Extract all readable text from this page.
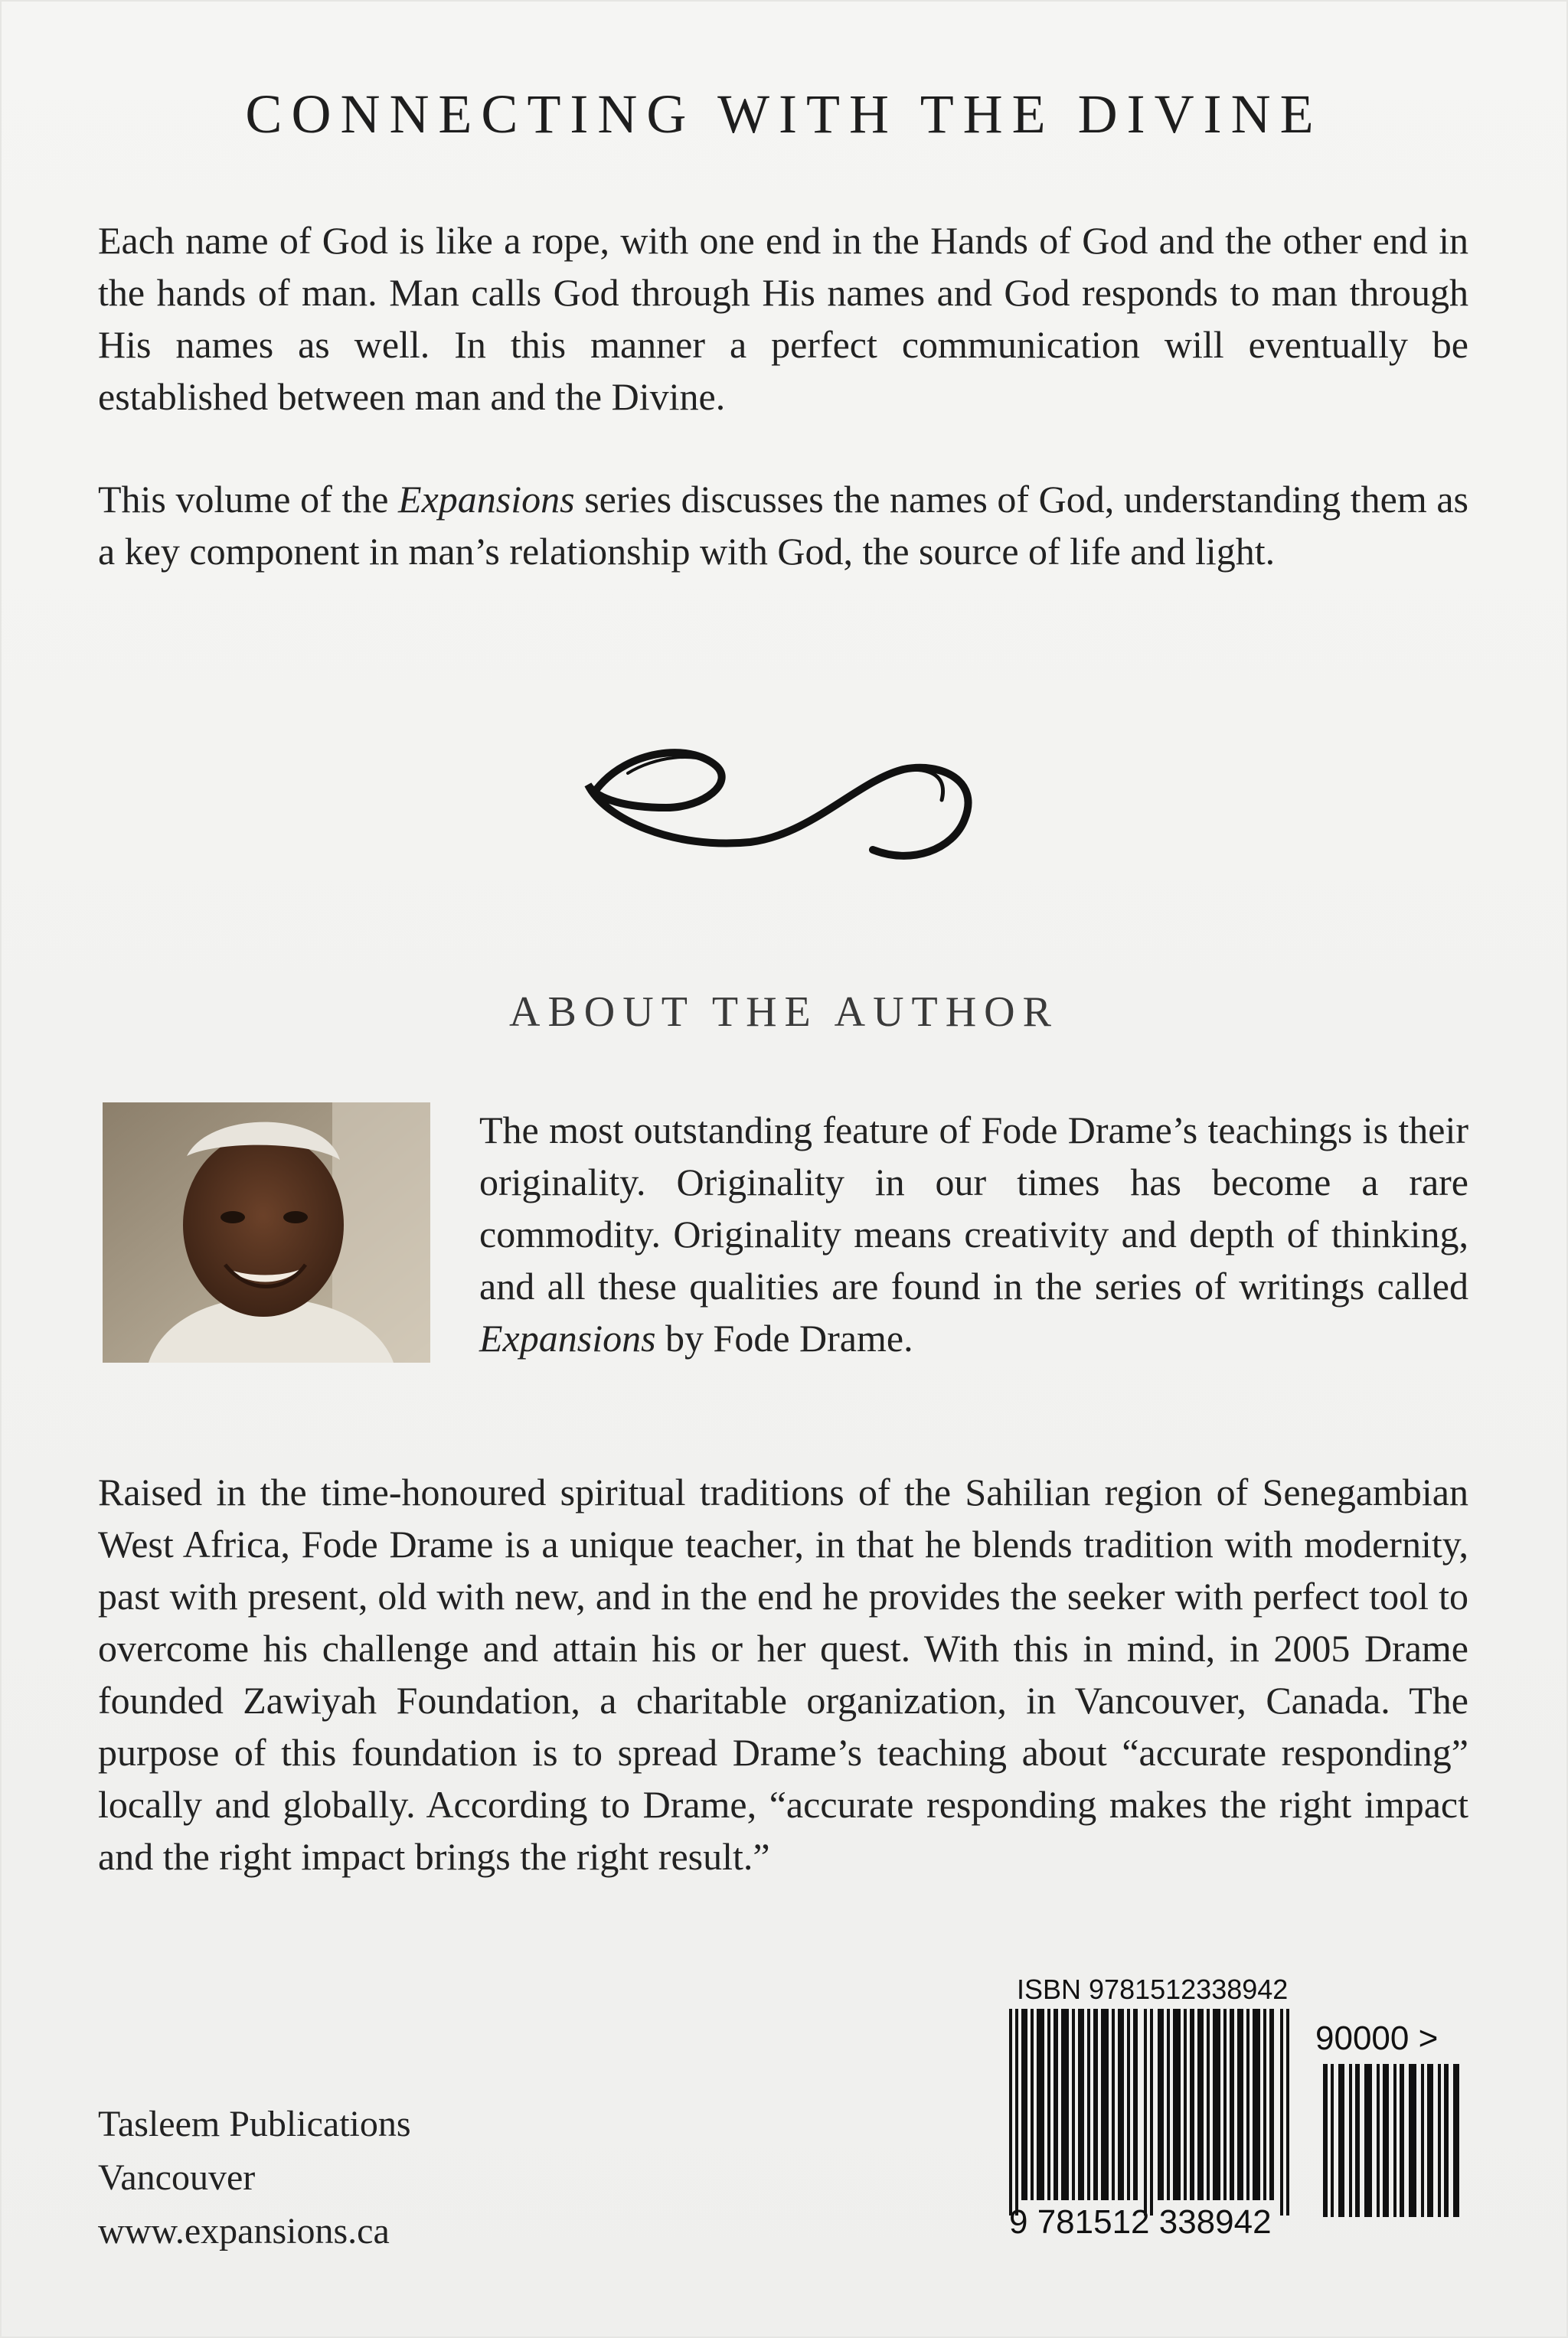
CONNECTING WITH THE DIVINE

Each name of God is like a rope, with one end in the Hands of God and the other end in the hands of man. Man calls God through His names and God responds to man through His names as well. In this manner a perfect communication will eventually be established between man and the Divine.

This volume of the Expansions series discusses the names of God, understanding them as a key component in man’s relationship with God, the source of life and light.

ABOUT THE AUTHOR

The most outstanding feature of Fode Drame’s teachings is their originality. Originality in our times has become a rare commodity. Originality means creativity and depth of thinking, and all these qualities are found in the series of writings called Expansions by Fode Drame.

Raised in the time-honoured spiritual traditions of the Sahilian region of Senegambian West Africa, Fode Drame is a unique teacher, in that he blends tradition with modernity, past with present, old with new, and in the end he provides the seeker with perfect tool to overcome his challenge and attain his or her quest. With this in mind, in 2005 Drame founded Zawiyah Foundation, a charitable organization, in Vancouver, Canada. The purpose of this foundation is to spread Drame’s teaching about “accurate responding” locally and globally. According to Drame, “accurate responding makes the right impact and the right impact brings the right result.”

Tasleem Publications
Vancouver
www.expansions.ca
ISBN 9781512338942
90000 >
9 781512 338942
